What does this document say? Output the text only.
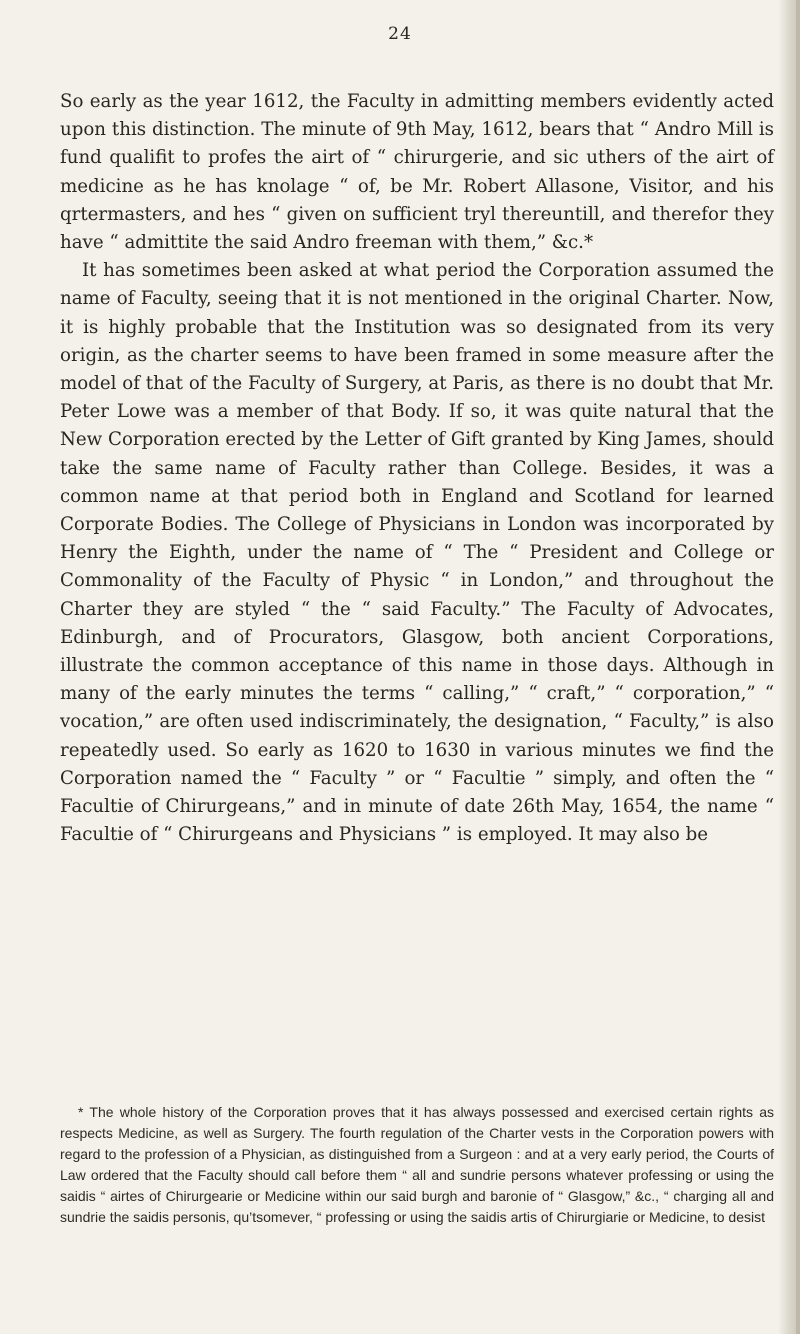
24

So early as the year 1612, the Faculty in admitting members evidently acted upon this distinction. The minute of 9th May, 1612, bears that “ Andro Mill is fund qualifit to profes the airt of “ chirurgerie, and sic uthers of the airt of medicine as he has knolage “ of, be Mr. Robert Allasone, Visitor, and his qrtermasters, and hes “ given on sufficient tryl thereuntill, and therefor they have “ admittite the said Andro freeman with them,” &c.*

It has sometimes been asked at what period the Corporation assumed the name of Faculty, seeing that it is not mentioned in the original Charter. Now, it is highly probable that the Institution was so designated from its very origin, as the charter seems to have been framed in some measure after the model of that of the Faculty of Surgery, at Paris, as there is no doubt that Mr. Peter Lowe was a member of that Body. If so, it was quite natural that the New Corporation erected by the Letter of Gift granted by King James, should take the same name of Faculty rather than College. Besides, it was a common name at that period both in England and Scotland for learned Corporate Bodies. The College of Physicians in London was incorporated by Henry the Eighth, under the name of “ The “ President and College or Commonality of the Faculty of Physic “ in London,” and throughout the Charter they are styled “ the “ said Faculty.” The Faculty of Advocates, Edinburgh, and of Procurators, Glasgow, both ancient Corporations, illustrate the common acceptance of this name in those days. Although in many of the early minutes the terms “ calling,” “ craft,” “ corporation,” “ vocation,” are often used indiscriminately, the designation, “ Faculty,” is also repeatedly used. So early as 1620 to 1630 in various minutes we find the Corporation named the “ Faculty ” or “ Facultie ” simply, and often the “ Facultie of Chirurgeans,” and in minute of date 26th May, 1654, the name “ Facultie of “ Chirurgeans and Physicians ” is employed. It may also be

* The whole history of the Corporation proves that it has always possessed and exercised certain rights as respects Medicine, as well as Surgery. The fourth regulation of the Charter vests in the Corporation powers with regard to the profession of a Physician, as distinguished from a Surgeon : and at a very early period, the Courts of Law ordered that the Faculty should call before them “ all and sundrie persons whatever professing or using the saidis “ airtes of Chirurgearie or Medicine within our said burgh and baronie of “ Glasgow,” &c., “ charging all and sundrie the saidis personis, qu’tsomever, “ professing or using the saidis artis of Chirurgiarie or Medicine, to desist
